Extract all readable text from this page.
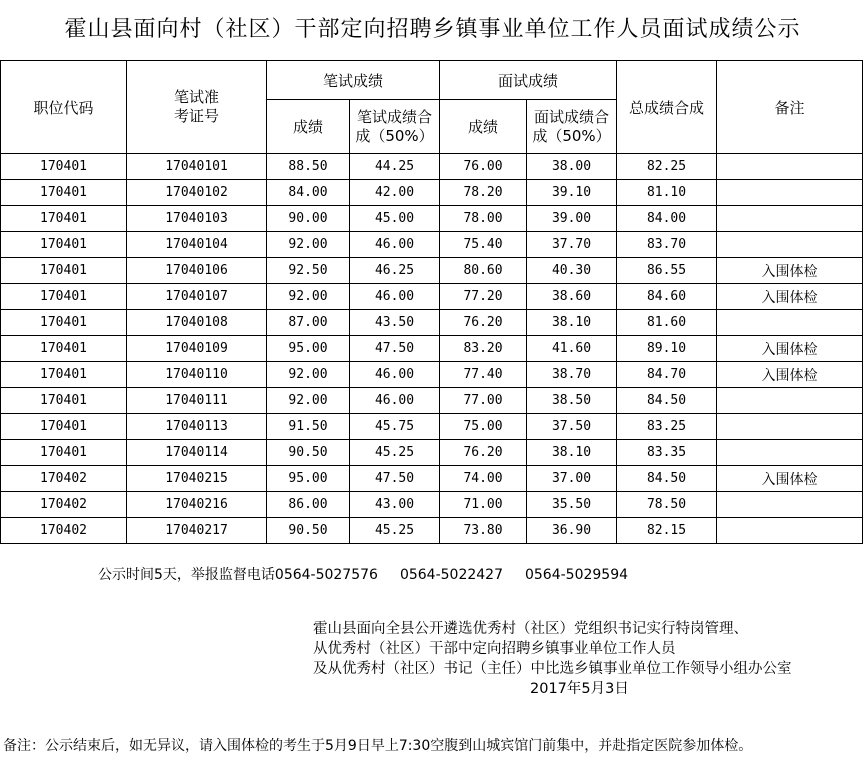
霍山县面向村（社区）干部定向招聘乡镇事业单位工作人员面试成绩公示
职位代码	笔试准考证号	笔试成绩		面试成绩		总成绩合成	备注
		成绩	笔试成绩合成（50%）	成绩	面试成绩合成（50%）		
170401	17040101	88.50	44.25	76.00	38.00	82.25	
170401	17040102	84.00	42.00	78.20	39.10	81.10	
170401	17040103	90.00	45.00	78.00	39.00	84.00	
170401	17040104	92.00	46.00	75.40	37.70	83.70	
170401	17040106	92.50	46.25	80.60	40.30	86.55	入围体检
170401	17040107	92.00	46.00	77.20	38.60	84.60	入围体检
170401	17040108	87.00	43.50	76.20	38.10	81.60	
170401	17040109	95.00	47.50	83.20	41.60	89.10	入围体检
170401	17040110	92.00	46.00	77.40	38.70	84.70	入围体检
170401	17040111	92.00	46.00	77.00	38.50	84.50	
170401	17040113	91.50	45.75	75.00	37.50	83.25	
170401	17040114	90.50	45.25	76.20	38.10	83.35	
170402	17040215	95.00	47.50	74.00	37.00	84.50	入围体检
170402	17040216	86.00	43.00	71.00	35.50	78.50	
170402	17040217	90.50	45.25	73.80	36.90	82.15	
公示时间5天，举报监督电话0564-5027576 0564-5022427 0564-5029594
霍山县面向全县公开遴选优秀村（社区）党组织书记实行特岗管理、
从优秀村（社区）干部中定向招聘乡镇事业单位工作人员
及从优秀村（社区）书记（主任）中比选乡镇事业单位工作领导小组办公室
2017年5月3日
备注：公示结束后，如无异议，请入围体检的考生于5月9日早上7:30空腹到山城宾馆门前集中，并赴指定医院参加体检。
